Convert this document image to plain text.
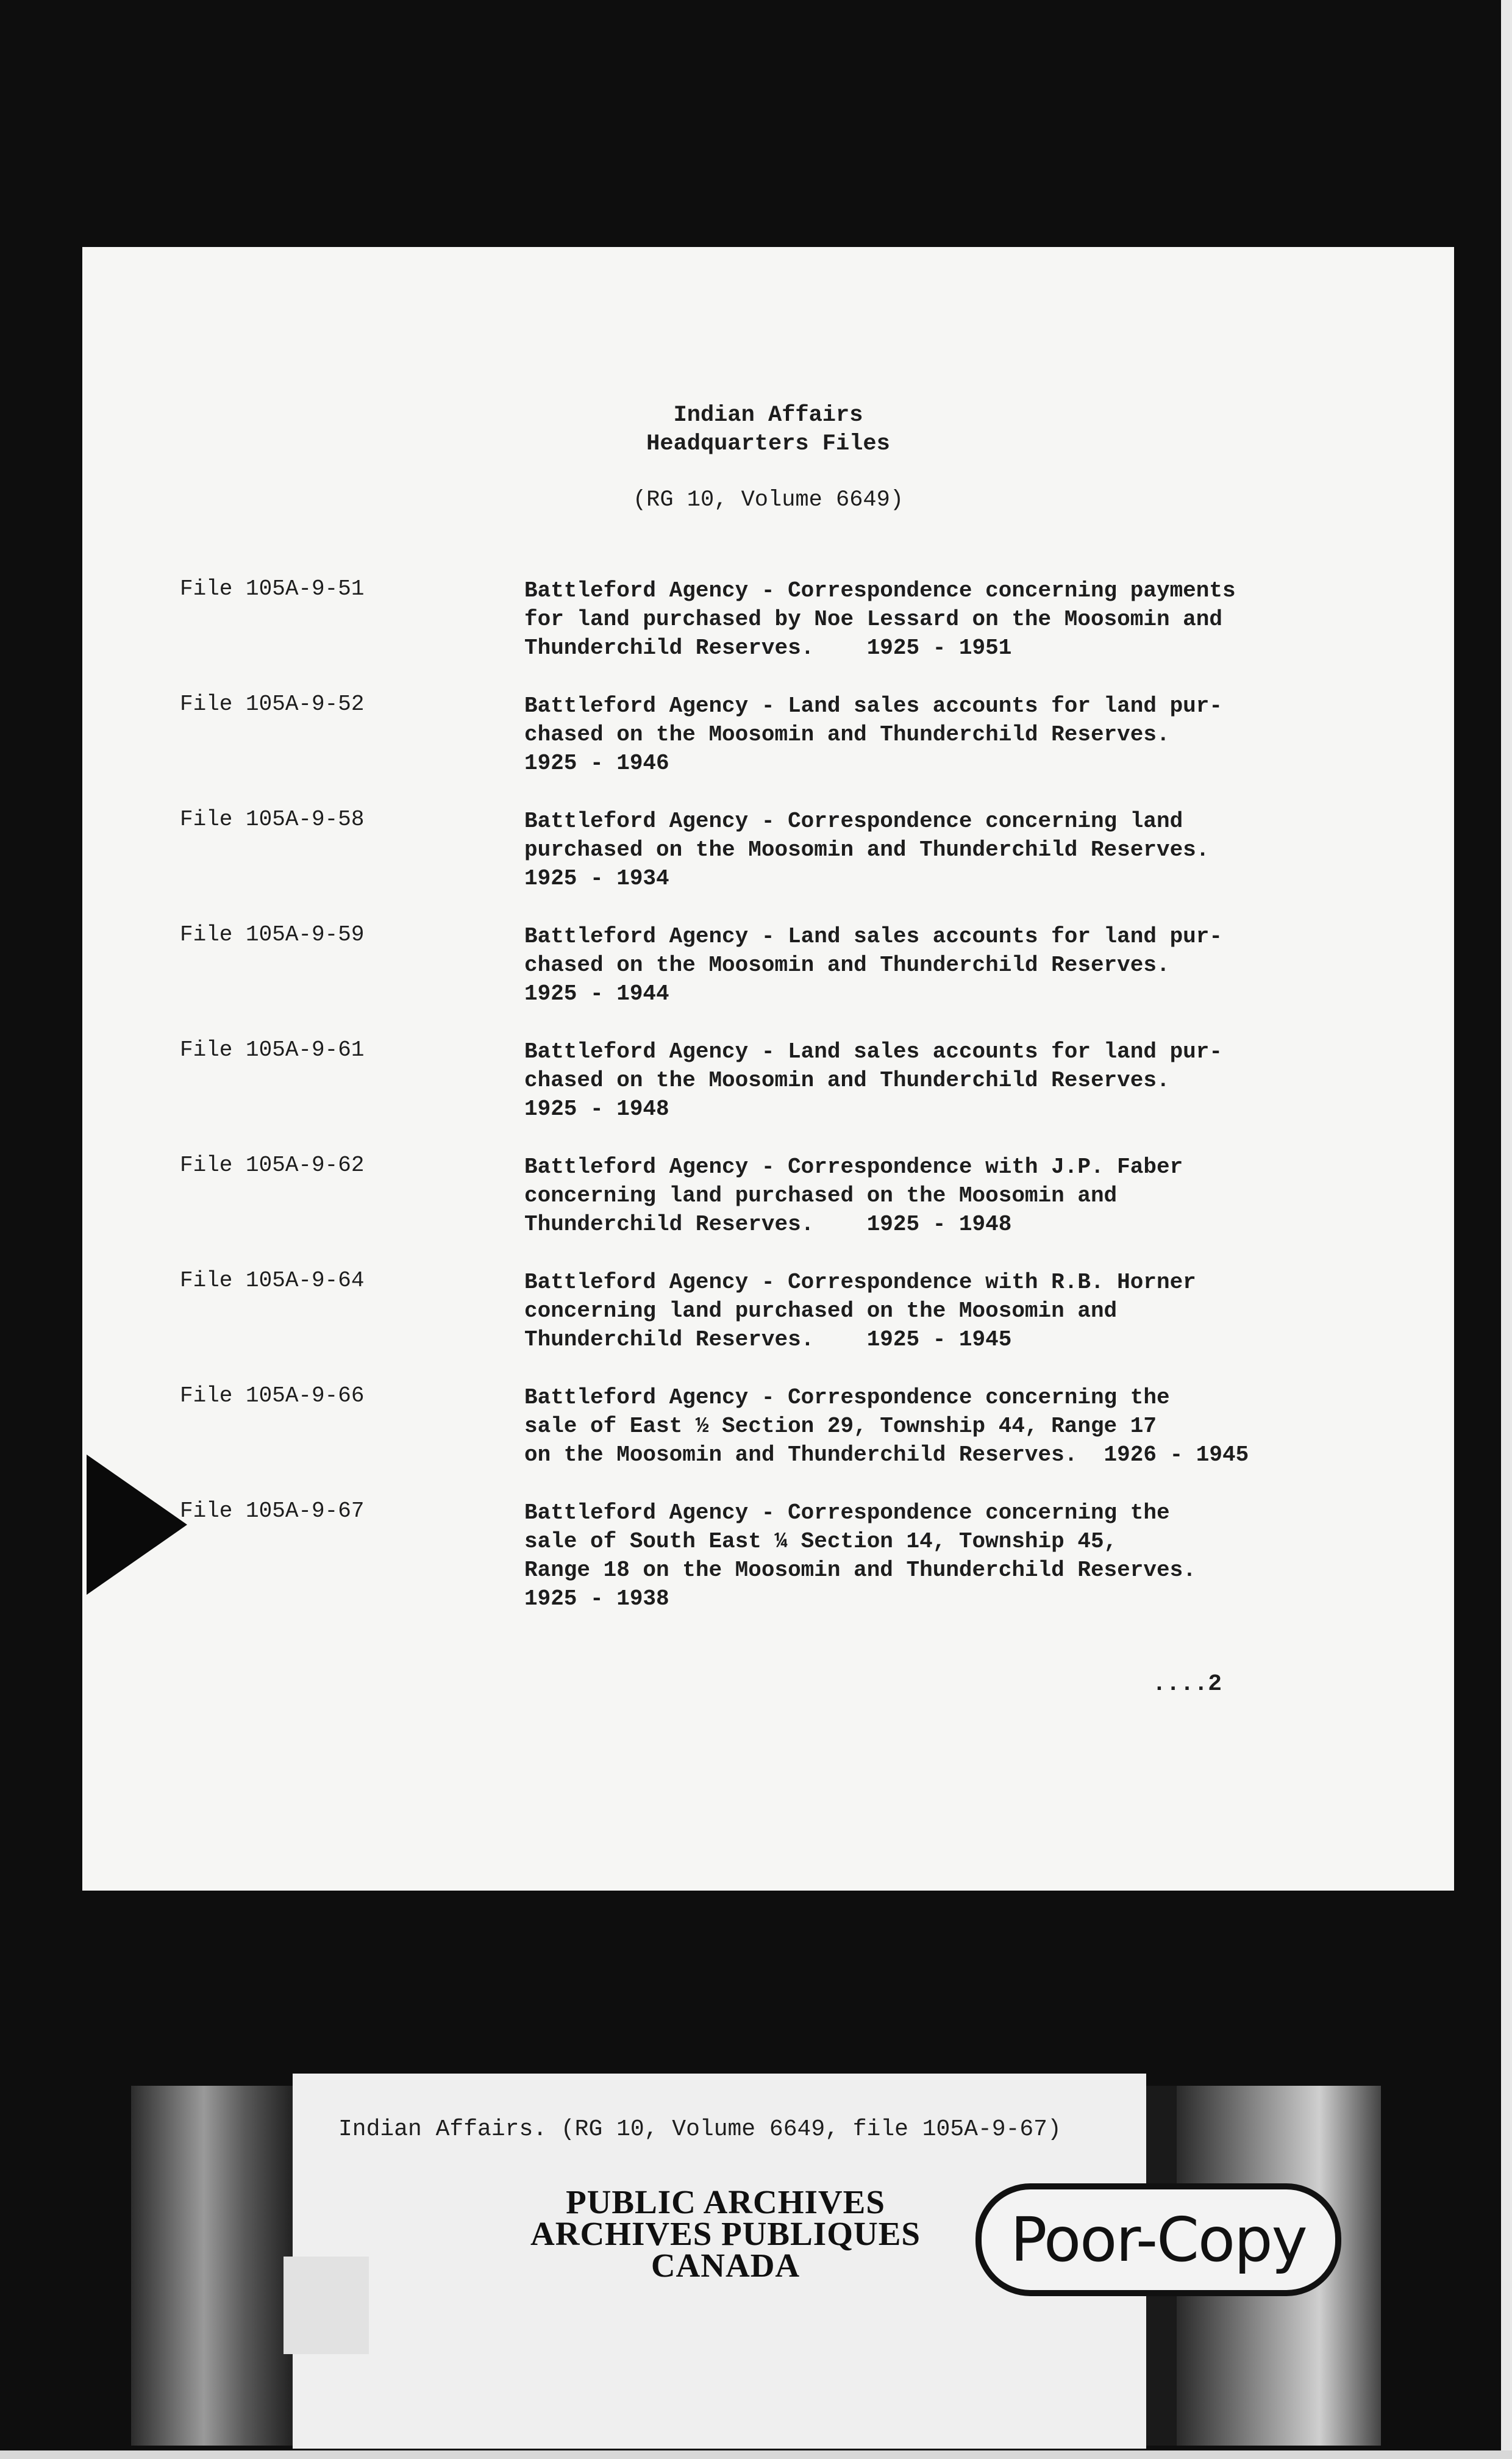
Indian Affairs
Headquarters Files
(RG 10, Volume 6649)
File 105A-9-51	Battleford Agency - Correspondence concerning payments
for land purchased by Noe Lessard on the Moosomin and
Thunderchild Reserves.    1925 - 1951
File 105A-9-52	Battleford Agency - Land sales accounts for land pur-
chased on the Moosomin and Thunderchild Reserves.
1925 - 1946
File 105A-9-58	Battleford Agency - Correspondence concerning land
purchased on the Moosomin and Thunderchild Reserves.
1925 - 1934
File 105A-9-59	Battleford Agency - Land sales accounts for land pur-
chased on the Moosomin and Thunderchild Reserves.
1925 - 1944
File 105A-9-61	Battleford Agency - Land sales accounts for land pur-
chased on the Moosomin and Thunderchild Reserves.
1925 - 1948
File 105A-9-62	Battleford Agency - Correspondence with J.P. Faber
concerning land purchased on the Moosomin and
Thunderchild Reserves.    1925 - 1948
File 105A-9-64	Battleford Agency - Correspondence with R.B. Horner
concerning land purchased on the Moosomin and
Thunderchild Reserves.    1925 - 1945
File 105A-9-66	Battleford Agency - Correspondence concerning the
sale of East ½ Section 29, Township 44, Range 17
on the Moosomin and Thunderchild Reserves.  1926 - 1945
File 105A-9-67	Battleford Agency - Correspondence concerning the
sale of South East ¼ Section 14, Township 45,
Range 18 on the Moosomin and Thunderchild Reserves.
1925 - 1938
....2
Indian Affairs. (RG 10, Volume 6649, file 105A-9-67)
PUBLIC ARCHIVES
ARCHIVES PUBLIQUES
CANADA	Poor-Copy
